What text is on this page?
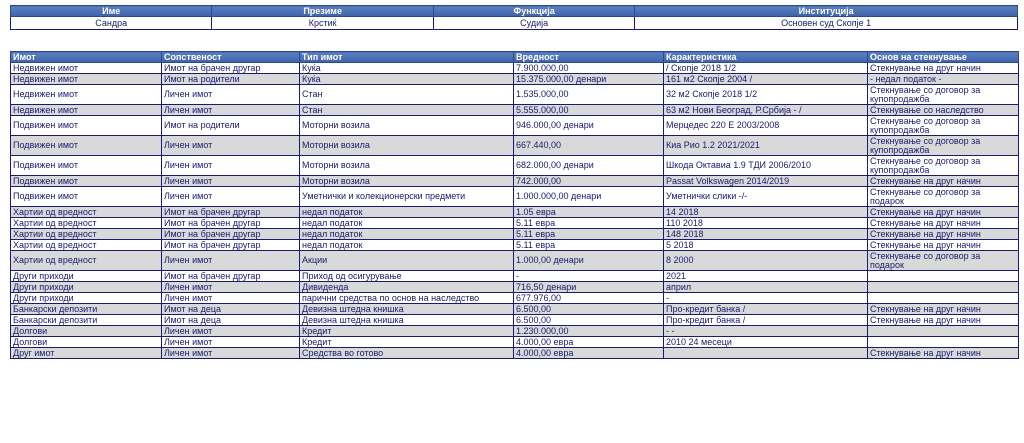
Име	Презиме	Функција	Институција
Сандра	Крстиќ	Судија	Основен суд Скопје 1
Имот	Сопственост	Тип имот	Вредност	Карактеристика	Основ на стекнување
Недвижен имот	Имот на брачен другар	Куќа	7.900.000,00	/ Скопје 2018 1/2	Стекнување на друг начин
Недвижен имот	Имот на родители	Куќа	15.375.000,00 денари	161 м2 Скопје 2004 /	- недал податок -
Недвижен имот	Личен имот	Стан	1.535.000,00	32 м2 Скопје 2018 1/2	Стекнување со договор за купопродажба
Недвижен имот	Личен имот	Стан	5.555.000,00	63 м2 Нови Београд, Р.Србија - /	Стекнување со наследство
Подвижен имот	Имот на родители	Моторни возила	946.000,00 денари	Мерцедес 220 Е 2003/2008	Стекнување со договор за купопродажба
Подвижен имот	Личен имот	Моторни возила	667.440,00	Киа Рио 1.2 2021/2021	Стекнување со договор за купопродажба
Подвижен имот	Личен имот	Моторни возила	682.000,00 денари	Шкода Октавиа 1.9 ТДИ 2006/2010	Стекнување со договор за купопродажба
Подвижен имот	Личен имот	Моторни возила	742.000,00	Passat Volkswagen 2014/2019	Стекнување на друг начин
Подвижен имот	Личен имот	Уметнички и колекционерски предмети	1.000.000,00 денари	Уметнички слики -/-	Стекнување со договор за подарок
Хартии од вредност	Имот на брачен другар	недал податок	1.05 евра	14 2018	Стекнување на друг начин
Хартии од вредност	Имот на брачен другар	недал податок	5.11 евра	110 2018	Стекнување на друг начин
Хартии од вредност	Имот на брачен другар	недал податок	5.11 евра	148 2018	Стекнување на друг начин
Хартии од вредност	Имот на брачен другар	недал податок	5.11 евра	5 2018	Стекнување на друг начин
Хартии од вредност	Личен имот	Акции	1.000,00 денари	8 2000	Стекнување со договор за подарок
Други приходи	Имот на брачен другар	Приход од осигурување	-	2021	
Други приходи	Личен имот	Дивиденда	716,50 денари	април	
Други приходи	Личен имот	парични средства по основ на наследство	677.976,00	-	
Банкарски депозити	Имот на деца	Девизна штедна книшка	6.500,00	Про-кредит банка /	Стекнување на друг начин
Банкарски депозити	Имот на деца	Девизна штедна книшка	6.500,00	Про-кредит банка /	Стекнување на друг начин
Долгови	Личен имот	Кредит	1.230.000,00	- -	
Долгови	Личен имот	Кредит	4.000,00 евра	2010 24 месеци	
Друг имот	Личен имот	Средства во готово	4.000,00 евра		Стекнување на друг начин
